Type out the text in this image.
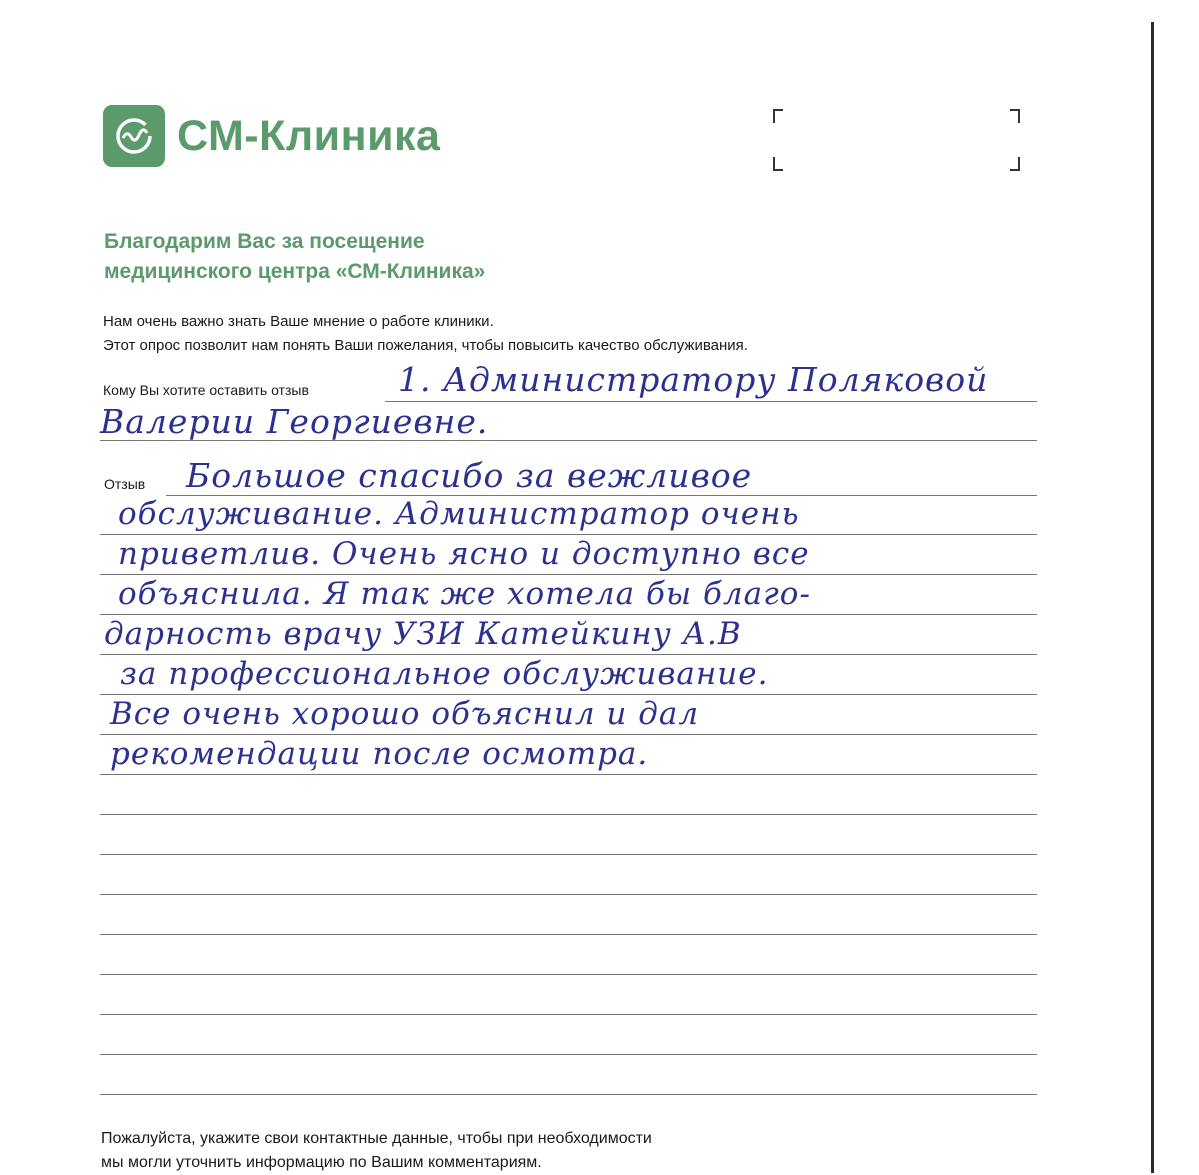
СМ-Клиника
Благодарим Вас за посещение
медицинского центра «СМ-Клиника»
Нам очень важно знать Ваше мнение о работе клиники.
Этот опрос позволит нам понять Ваши пожелания, чтобы повысить качество обслуживания.
Кому Вы хотите оставить отзыв
Отзыв
1. Администратору Поляковой
Валерии Георгиевне.
Большое спасибо за вежливое
обслуживание. Администратор очень
приветлив. Очень ясно и доступно все
объяснила. Я так же хотела бы благо-
дарность врачу УЗИ Катейкину А.В
за профессиональное обслуживание.
Все очень хорошо объяснил и дал
рекомендации после осмотра.
Пожалуйста, укажите свои контактные данные, чтобы при необходимости
мы могли уточнить информацию по Вашим комментариям.
